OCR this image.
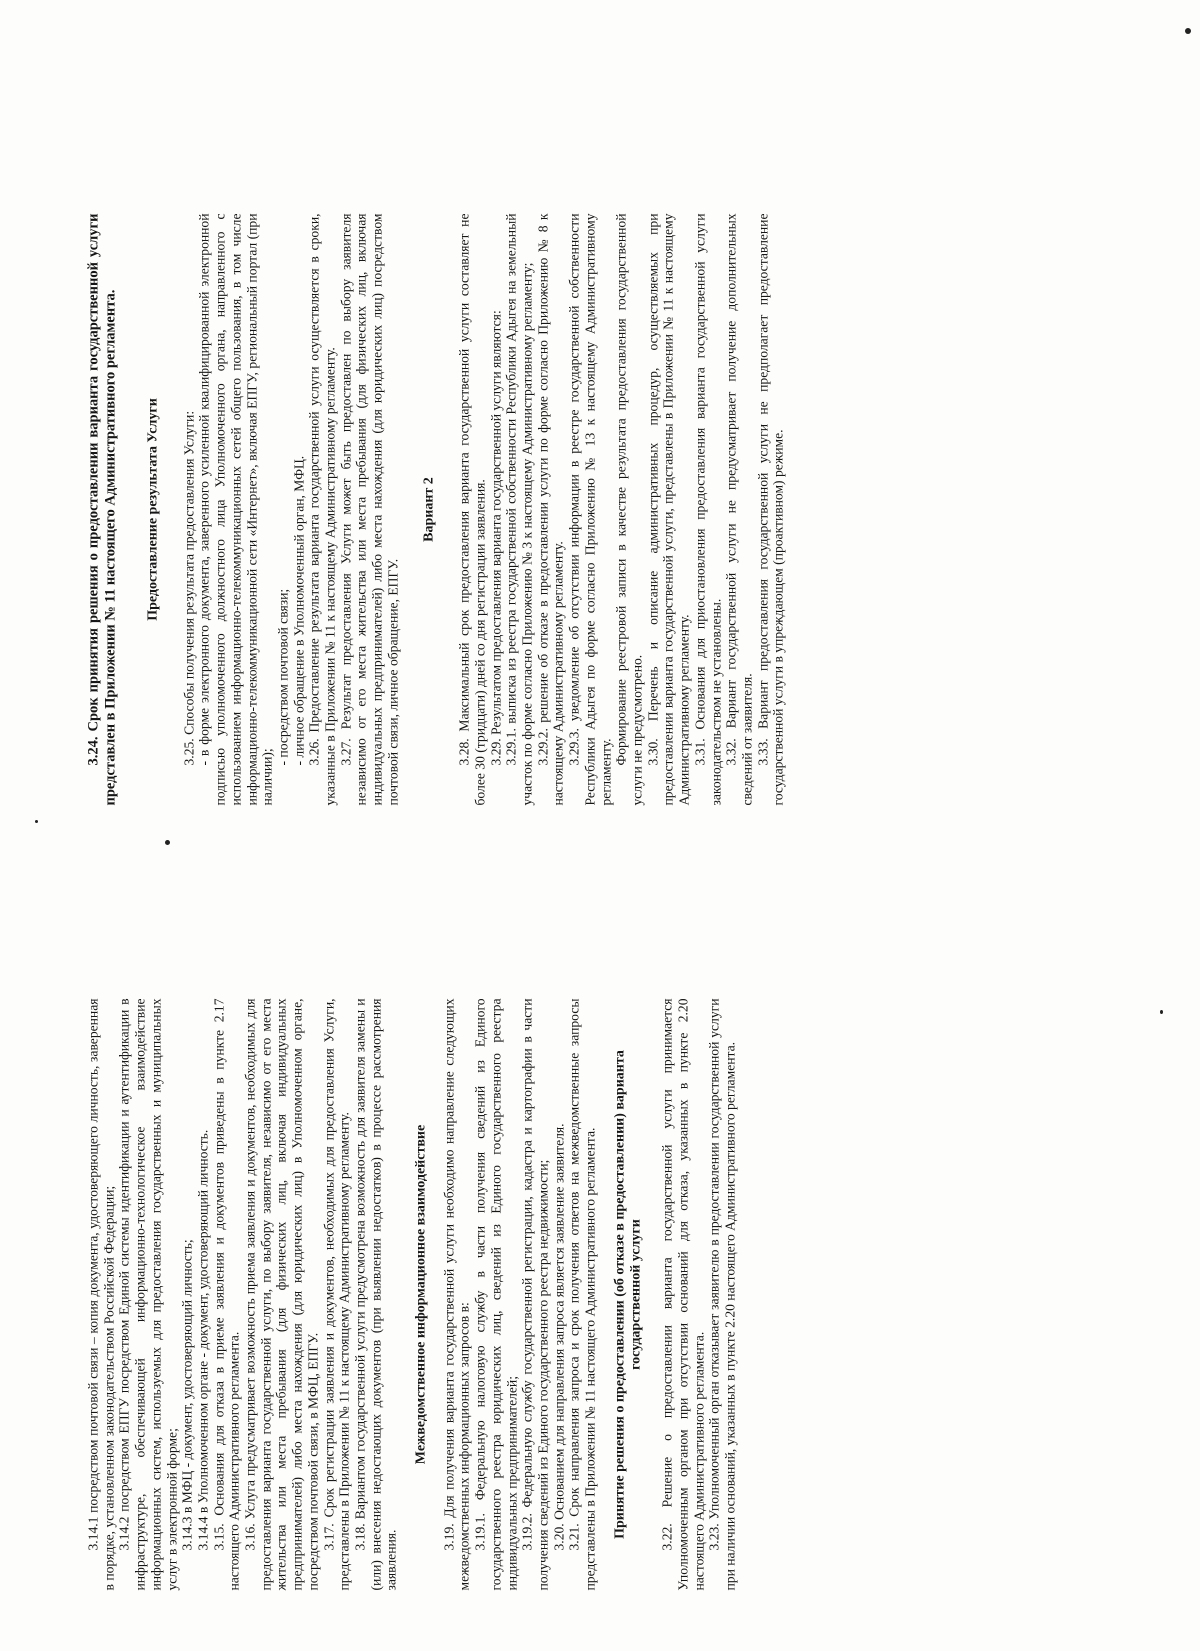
3.14.1 посредством почтовой связи – копия документа, удостоверяющего личность, заверенная в порядке, установленном законодательством Российской Федерации; 3.14.2 посредством ЕПГУ посредством Единой системы идентификации и аутентификации в инфраструктуре, обеспечивающей информационно-технологическое взаимодействие информационных систем, используемых для предоставления государственных и муниципальных услуг в электронной форме; 3.14.3 в МФЦ - документ, удостоверяющий личность; 3.14.4 в Уполномоченном органе - документ, удостоверяющий личность. 3.15. Основания для отказа в приеме заявления и документов приведены в пункте 2.17 настоящего Административного регламента. 3.16. Услуга предусматривает возможность приема заявления и документов, необходимых для предоставления варианта государственной услуги, по выбору заявителя, независимо от его места жительства или места пребывания (для физических лиц, включая индивидуальных предпринимателей) либо места нахождения (для юридических лиц) в Уполномоченном органе, посредством почтовой связи, в МФЦ, ЕПГУ. 3.17. Срок регистрации заявления и документов, необходимых для предоставления Услуги, представлены в Приложении № 11 к настоящему Административному регламенту. 3.18. Вариантом государственной услуги предусмотрена возможность для заявителя замены и (или) внесения недостающих документов (при выявлении недостатков) в процессе рассмотрения заявления.

Межведомственное информационное взаимодействие 3.19. Для получения варианта государственной услуги необходимо направление следующих межведомственных информационных запросов в: 3.19.1. Федеральную налоговую службу в части получения сведений из Единого государственного реестра юридических лиц, сведений из Единого государственного реестра индивидуальных предпринимателей; 3.19.2. Федеральную службу государственной регистрации, кадастра и картографии в части получения сведений из Единого государственного реестра недвижимости; 3.20. Основанием для направления запроса является заявление заявителя. 3.21. Срок направления запроса и срок получения ответов на межведомственные запросы представлены в Приложении № 11 настоящего Административного регламента. Принятие решения о предоставлении (об отказе в предоставлении) варианта
государственной услуги 3.22. Решение о предоставлении варианта государственной услуги принимается Уполномоченным органом при отсутствии оснований для отказа, указанных в пункте 2.20 настоящего Административного регламента. 3.23. Уполномоченный орган отказывает заявителю в предоставлении государственной услуги при наличии оснований, указанных в пункте 2.20 настоящего Административного регламента.

3.24. Срок принятия решения о предоставлении варианта государственной услуги представлен в Приложении № 11 настоящего Административного регламента. Предоставление результата Услуги 3.25. Способы получения результата предоставления Услуги: - в форме электронного документа, заверенного усиленной квалифицированной электронной подписью уполномоченного должностного лица Уполномоченного органа, направленного с использованием информационно-телекоммуникационных сетей общего пользования, в том числе информационно-телекоммуникационной сети «Интернет», включая ЕПГУ, региональный портал (при наличии);

- посредством почтовой связи; - личное обращение в Уполномоченный орган, МФЦ. 3.26. Предоставление результата варианта государственной услуги осуществляется в сроки, указанные в Приложении № 11 к настоящему Административному регламенту. 3.27. Результат предоставления Услуги может быть предоставлен по выбору заявителя независимо от его места жительства или места пребывания (для физических лиц, включая индивидуальных предпринимателей) либо места нахождения (для юридических лиц) посредством почтовой связи, личное обращение, ЕПГУ.

Вариант 2 3.28. Максимальный срок предоставления варианта государственной услуги составляет не более 30 (тридцати) дней со дня регистрации заявления. 3.29. Результатом предоставления варианта государственной услуги являются: 3.29.1. выписка из реестра государственной собственности Республики Адыгея на земельный участок по форме согласно Приложению № 3 к настоящему Административному регламенту; 3.29.2. решение об отказе в предоставлении услуги по форме согласно Приложению № 8 к настоящему Административному регламенту. 3.29.3. уведомление об отсутствии информации в реестре государственной собственности Республики Адыгея по форме согласно Приложению № 13 к настоящему Административному регламенту.

Формирование реестровой записи в качестве результата предоставления государственной услуги не предусмотрено. 3.30. Перечень и описание административных процедур, осуществляемых при предоставлении варианта государственной услуги, представлены в Приложении № 11 к настоящему Административному регламенту. 3.31. Основания для приостановления предоставления варианта государственной услуги законодательством не установлены. 3.32. Вариант государственной услуги не предусматривает получение дополнительных сведений от заявителя. 3.33. Вариант предоставления государственной услуги не предполагает предоставление государственной услуги в упреждающем (проактивном) режиме.
